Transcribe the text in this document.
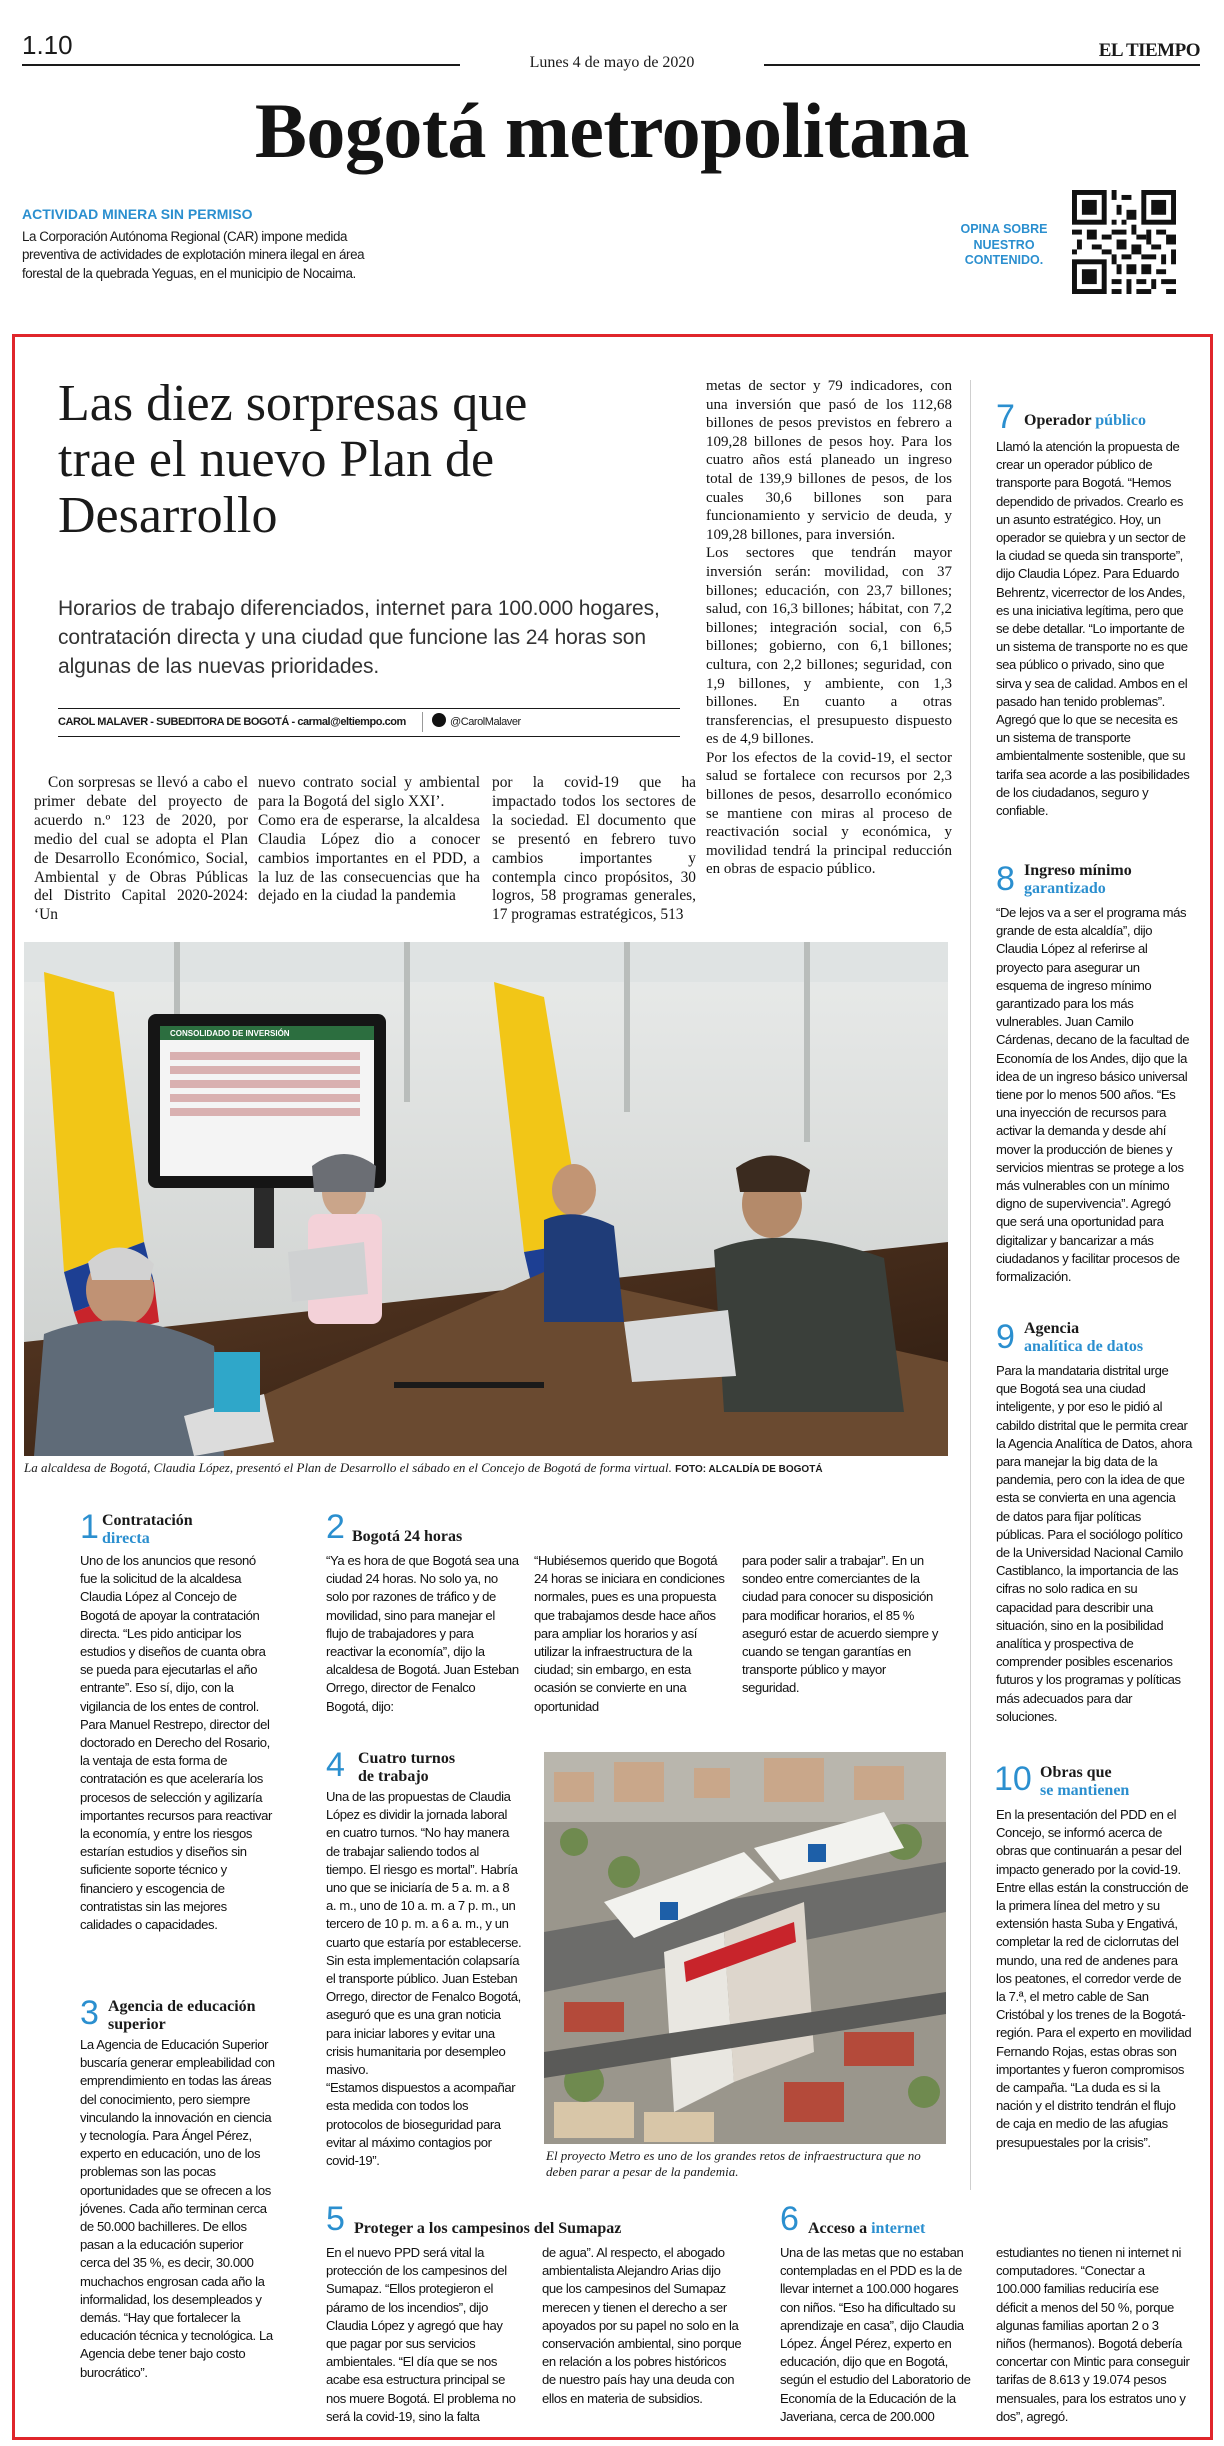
1.10
Lunes 4 de mayo de 2020
EL TIEMPO
Bogotá metropolitana
ACTIVIDAD MINERA SIN PERMISO
La Corporación Autónoma Regional (CAR) impone medida preventiva de actividades de explotación minera ilegal en área forestal de la quebrada Yeguas, en el municipio de Nocaima.
OPINA SOBRE NUESTRO CONTENIDO.
Las diez sorpresas que trae el nuevo Plan de Desarrollo
Horarios de trabajo diferenciados, internet para 100.000 hogares, contratación directa y una ciudad que funcione las 24 horas son algunas de las nuevas prioridades.
CAROL MALAVER - SUBEDITORA DE BOGOTÁ - carmal@eltiempo.com	@CarolMalaver
metas de sector y 79 indicadores, con una inversión que pasó de los 112,68 billones de pesos previstos en febrero a 109,28 billones de pesos hoy. Para los cuatro años está planeado un ingreso total de 139,9 billones de pesos, de los cuales 30,6 billones son para funcionamiento y servicio de deuda, y 109,28 billones, para inversión.
Los sectores que tendrán mayor inversión serán: movilidad, con 37 billones; educación, con 23,7 billones; salud, con 16,3 billones; hábitat, con 7,2 billones; integración social, con 6,5 billones; gobierno, con 6,1 billones; cultura, con 2,2 billones; seguridad, con 1,9 billones, y ambiente, con 1,3 billones. En cuanto a otras transferencias, el presupuesto dispuesto es de 4,9 billones.
Por los efectos de la covid-19, el sector salud se fortalece con recursos por 2,3 billones de pesos, desarrollo económico se mantiene con miras al proceso de reactivación social y económica, y movilidad tendrá la principal reducción en obras de espacio público.
Con sorpresas se llevó a cabo el primer debate del proyecto de acuerdo n.º 123 de 2020, por medio del cual se adopta el Plan de Desarrollo Económico, Social, Ambiental y de Obras Públicas del Distrito Capital 2020-2024: ‘Un
nuevo contrato social y ambiental para la Bogotá del siglo XXI’.
Como era de esperarse, la alcaldesa Claudia López dio a conocer cambios importantes en el PDD, a la luz de las consecuencias que ha dejado en la ciudad la pandemia
por la covid-19 que ha impactado todos los sectores de la sociedad. El documento que se presentó en febrero tuvo cambios importantes y contempla cinco propósitos, 30 logros, 58 programas generales, 17 programas estratégicos, 513
CONSOLIDADO DE INVERSIÓN
La alcaldesa de Bogotá, Claudia López, presentó el Plan de Desarrollo el sábado en el Concejo de Bogotá de forma virtual. FOTO: ALCALDÍA DE BOGOTÁ
1 Contratación
directa
Uno de los anuncios que resonó fue la solicitud de la alcaldesa Claudia López al Concejo de Bogotá de apoyar la contratación directa. “Les pido anticipar los estudios y diseños de cuanta obra se pueda para ejecutarlas el año entrante”. Eso sí, dijo, con la vigilancia de los entes de control. Para Manuel Restrepo, director del doctorado en Derecho del Rosario, la ventaja de esta forma de contratación es que aceleraría los procesos de selección y agilizaría importantes recursos para reactivar la economía, y entre los riesgos estarían estudios y diseños sin suficiente soporte técnico y financiero y escogencia de contratistas sin las mejores calidades o capacidades.
3 Agencia de educación
superior
La Agencia de Educación Superior buscaría generar empleabilidad con emprendimiento en todas las áreas del conocimiento, pero siempre vinculando la innovación en ciencia y tecnología. Para Ángel Pérez, experto en educación, uno de los problemas son las pocas oportunidades que se ofrecen a los jóvenes. Cada año terminan cerca de 50.000 bachilleres. De ellos pasan a la educación superior cerca del 35 %, es decir, 30.000 muchachos engrosan cada año la informalidad, los desempleados y demás. “Hay que fortalecer la educación técnica y tecnológica. La Agencia debe tener bajo costo burocrático”.
2 Bogotá 24 horas
“Ya es hora de que Bogotá sea una ciudad 24 horas. No solo ya, no solo por razones de tráfico y de movilidad, sino para manejar el flujo de trabajadores y para reactivar la economía”, dijo la alcaldesa de Bogotá. Juan Esteban Orrego, director de Fenalco Bogotá, dijo:
“Hubiésemos querido que Bogotá 24 horas se iniciara en condiciones normales, pues es una propuesta que trabajamos desde hace años para ampliar los horarios y así utilizar la infraestructura de la ciudad; sin embargo, en esta ocasión se convierte en una oportunidad
para poder salir a trabajar”. En un sondeo entre comerciantes de la ciudad para conocer su disposición para modificar horarios, el 85 % aseguró estar de acuerdo siempre y cuando se tengan garantías en transporte público y mayor seguridad.
4 Cuatro turnos
de trabajo
Una de las propuestas de Claudia López es dividir la jornada laboral en cuatro turnos. “No hay manera de trabajar saliendo todos al tiempo. El riesgo es mortal”. Habría uno que se iniciaría de 5 a. m. a 8 a. m., uno de 10 a. m. a 7 p. m., un tercero de 10 p. m. a 6 a. m., y un cuarto que estaría por establecerse. Sin esta implementación colapsaría el transporte público. Juan Esteban Orrego, director de Fenalco Bogotá, aseguró que es una gran noticia para iniciar labores y evitar una crisis humanitaria por desempleo masivo.
“Estamos dispuestos a acompañar esta medida con todos los protocolos de bioseguridad para evitar al máximo contagios por covid-19”.	El proyecto Metro es uno de los grandes retos de infraestructura que no deben parar a pesar de la pandemia.
5 Proteger a los campesinos del Sumapaz
En el nuevo PPD será vital la protección de los campesinos del Sumapaz. “Ellos protegieron el páramo de los incendios”, dijo Claudia López y agregó que hay que pagar por sus servicios ambientales. “El día que se nos acabe esa estructura principal se nos muere Bogotá. El problema no será la covid-19, sino la falta
de agua”. Al respecto, el abogado ambientalista Alejandro Arias dijo que los campesinos del Sumapaz merecen y tienen el derecho a ser apoyados por su papel no solo en la conservación ambiental, sino porque en relación a los pobres históricos de nuestro país hay una deuda con ellos en materia de subsidios.
6 Acceso a internet
Una de las metas que no estaban contempladas en el PDD es la de llevar internet a 100.000 hogares con niños. “Eso ha dificultado su aprendizaje en casa”, dijo Claudia López. Ángel Pérez, experto en educación, dijo que en Bogotá, según el estudio del Laboratorio de Economía de la Educación de la Javeriana, cerca de 200.000
estudiantes no tienen ni internet ni computadores. “Conectar a 100.000 familias reduciría ese déficit a menos del 50 %, porque algunas familias aportan 2 o 3 niños (hermanos). Bogotá debería concertar con Mintic para conseguir tarifas de 8.613 y 19.074 pesos mensuales, para los estratos uno y dos”, agregó.
7 Operador público
Llamó la atención la propuesta de crear un operador público de transporte para Bogotá. “Hemos dependido de privados. Crearlo es un asunto estratégico. Hoy, un operador se quiebra y un sector de la ciudad se queda sin transporte”, dijo Claudia López. Para Eduardo Behrentz, vicerrector de los Andes, es una iniciativa legítima, pero que se debe detallar. “Lo importante de un sistema de transporte no es que sea público o privado, sino que sirva y sea de calidad. Ambos en el pasado han tenido problemas”. Agregó que lo que se necesita es un sistema de transporte ambientalmente sostenible, que su tarifa sea acorde a las posibilidades de los ciudadanos, seguro y confiable.
8 Ingreso mínimo
garantizado
“De lejos va a ser el programa más grande de esta alcaldía”, dijo Claudia López al referirse al proyecto para asegurar un esquema de ingreso mínimo garantizado para los más vulnerables. Juan Camilo Cárdenas, decano de la facultad de Economía de los Andes, dijo que la idea de un ingreso básico universal tiene por lo menos 500 años. “Es una inyección de recursos para activar la demanda y desde ahí mover la producción de bienes y servicios mientras se protege a los más vulnerables con un mínimo digno de supervivencia”. Agregó que será una oportunidad para digitalizar y bancarizar a más ciudadanos y facilitar procesos de formalización.
9 Agencia
analítica de datos
Para la mandataria distrital urge que Bogotá sea una ciudad inteligente, y por eso le pidió al cabildo distrital que le permita crear la Agencia Analítica de Datos, ahora para manejar la big data de la pandemia, pero con la idea de que esta se convierta en una agencia de datos para fijar políticas públicas. Para el sociólogo político de la Universidad Nacional Camilo Castiblanco, la importancia de las cifras no solo radica en su capacidad para describir una situación, sino en la posibilidad analítica y prospectiva de comprender posibles escenarios futuros y los programas y políticas más adecuados para dar soluciones.
10 Obras que
se mantienen
En la presentación del PDD en el Concejo, se informó acerca de obras que continuarán a pesar del impacto generado por la covid-19. Entre ellas están la construcción de la primera línea del metro y su extensión hasta Suba y Engativá, completar la red de ciclorrutas del mundo, una red de andenes para los peatones, el corredor verde de la 7.ª, el metro cable de San Cristóbal y los trenes de la Bogotá- región. Para el experto en movilidad Fernando Rojas, estas obras son importantes y fueron compromisos de campaña. “La duda es si la nación y el distrito tendrán el flujo de caja en medio de las afugias presupuestales por la crisis”.
